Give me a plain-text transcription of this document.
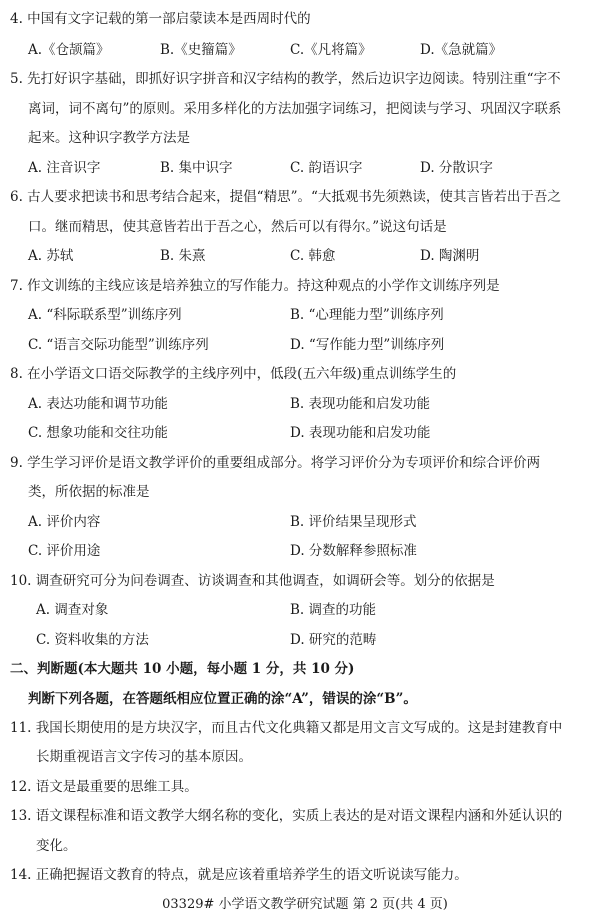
4. 中国有文字记载的第一部启蒙读本是西周时代的
A.《仓颉篇》	B.《史籀篇》	C.《凡将篇》	D.《急就篇》
5. 先打好识字基础，即抓好识字拼音和汉字结构的教学，然后边识字边阅读。特别注重“字不
离词，词不离句”的原则。采用多样化的方法加强字词练习，把阅读与学习、巩固汉字联系
起来。这种识字教学方法是
A. 注音识字	B. 集中识字	C. 韵语识字	D. 分散识字
6. 古人要求把读书和思考结合起来，提倡“精思”。“大抵观书先须熟读，使其言皆若出于吾之
口。继而精思，使其意皆若出于吾之心，然后可以有得尔。”说这句话是
A. 苏轼	B. 朱熹	C. 韩愈	D. 陶渊明
7. 作文训练的主线应该是培养独立的写作能力。持这种观点的小学作文训练序列是
A. “科际联系型”训练序列	B. “心理能力型”训练序列
C. “语言交际功能型”训练序列	D. “写作能力型”训练序列
8. 在小学语文口语交际教学的主线序列中，低段(五六年级)重点训练学生的
A. 表达功能和调节功能	B. 表现功能和启发功能
C. 想象功能和交往功能	D. 表现功能和启发功能
9. 学生学习评价是语文教学评价的重要组成部分。将学习评价分为专项评价和综合评价两
类，所依据的标准是
A. 评价内容	B. 评价结果呈现形式
C. 评价用途	D. 分数解释参照标准
10. 调查研究可分为问卷调查、访谈调查和其他调查，如调研会等。划分的依据是
A. 调查对象	B. 调查的功能
C. 资料收集的方法	D. 研究的范畴
二、判断题(本大题共 10 小题，每小题 1 分，共 10 分)
判断下列各题，在答题纸相应位置正确的涂“A”，错误的涂“B”。
11. 我国长期使用的是方块汉字，而且古代文化典籍又都是用文言文写成的。这是封建教育中
长期重视语言文字传习的基本原因。
12. 语文是最重要的思维工具。
13. 语文课程标准和语文教学大纲名称的变化，实质上表达的是对语文课程内涵和外延认识的
变化。
14. 正确把握语文教育的特点，就是应该着重培养学生的语文听说读写能力。
03329# 小学语文教学研究试题 第 2 页(共 4 页)
